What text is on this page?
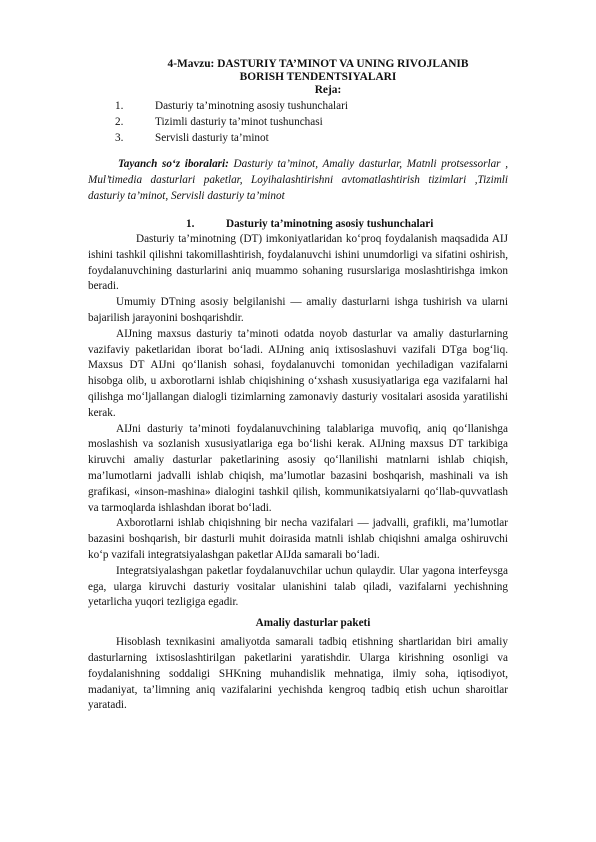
4-Mavzu: DASTURIY TA’MINOT VA UNING RIVOJLANIB
BORISH TENDENTSIYALARI
Reja:
1.	Dasturiy ta’minotning asosiy tushunchalari
2.	Tizimli dasturiy ta’minot tushunchasi
3.	Servisli dasturiy ta’minot
Tayanch so‘z iboralari: Dasturiy ta’minot, Amaliy dasturlar, Matnli protsessorlar , Mul’timedia dasturlari paketlar, Loyihalashtirishni avtomatlashtirish tizimlari ,Tizimli dasturiy ta’minot, Servisli dasturiy ta’minot
1.	Dasturiy ta’minotning asosiy tushunchalari

Dasturiy ta’minotning (DT) imkoniyatlaridan ko‘proq foydalanish maqsadida AIJ ishini tashkil qilishni takomillashtirish, foydalanuvchi ishini unumdorligi va sifatini oshirish, foydalanuvchining dasturlarini aniq muammo sohaning rusurslariga moslashtirishga imkon beradi.

Umumiy DTning asosiy belgilanishi — amaliy dasturlarni ishga tushirish va ularni bajarilish jarayonini boshqarishdir.

AIJning maxsus dasturiy ta’minoti odatda noyob dasturlar va amaliy dasturlarning vazifaviy paketlaridan iborat bo‘ladi. AIJning aniq ixtisoslashuvi vazifali DTga bog‘liq. Maxsus DT AIJni qo‘llanish sohasi, foydalanuvchi tomonidan yechiladigan vazifalarni hisobga olib, u axborotlarni ishlab chiqishining o‘xshash xususiyatlariga ega vazifalarni hal qilishga mo‘ljallangan dialogli tizimlarning zamonaviy dasturiy vositalari asosida yaratilishi kerak.

AIJni dasturiy ta’minoti foydalanuvchining talablariga muvofiq, aniq qo‘llanishga moslashish va sozlanish xususiyatlariga ega bo‘lishi kerak. AIJning maxsus DT tarkibiga kiruvchi amaliy dasturlar paketlarining asosiy qo‘llanilishi matnlarni ishlab chiqish, ma’lumotlarni jadvalli ishlab chiqish, ma’lumotlar bazasini boshqarish, mashinali va ish grafikasi, «inson-mashina» dialogini tashkil qilish, kommunikatsiyalarni qo‘llab-quvvatlash va tarmoqlarda ishlashdan iborat bo‘ladi.

Axborotlarni ishlab chiqishning bir necha vazifalari — jadvalli, grafikli, ma’lumotlar bazasini boshqarish, bir dasturli muhit doirasida matnli ishlab chiqishni amalga oshiruvchi ko‘p vazifali integratsiyalashgan paketlar AIJda samarali bo‘ladi.

Integratsiyalashgan paketlar foydalanuvchilar uchun qulaydir. Ular yagona interfeysga ega, ularga kiruvchi dasturiy vositalar ulanishini talab qiladi, vazifalarni yechishning yetarlicha yuqori tezligiga egadir.

Amaliy dasturlar paketi

Hisoblash texnikasini amaliyotda samarali tadbiq etishning shartlaridan biri amaliy dasturlarning ixtisoslashtirilgan paketlarini yaratishdir. Ularga kirishning osonligi va foydalanishning soddaligi SHKning muhandislik mehnatiga, ilmiy soha, iqtisodiyot, madaniyat, ta’limning aniq vazifalarini yechishda kengroq tadbiq etish uchun sharoitlar yaratadi.
